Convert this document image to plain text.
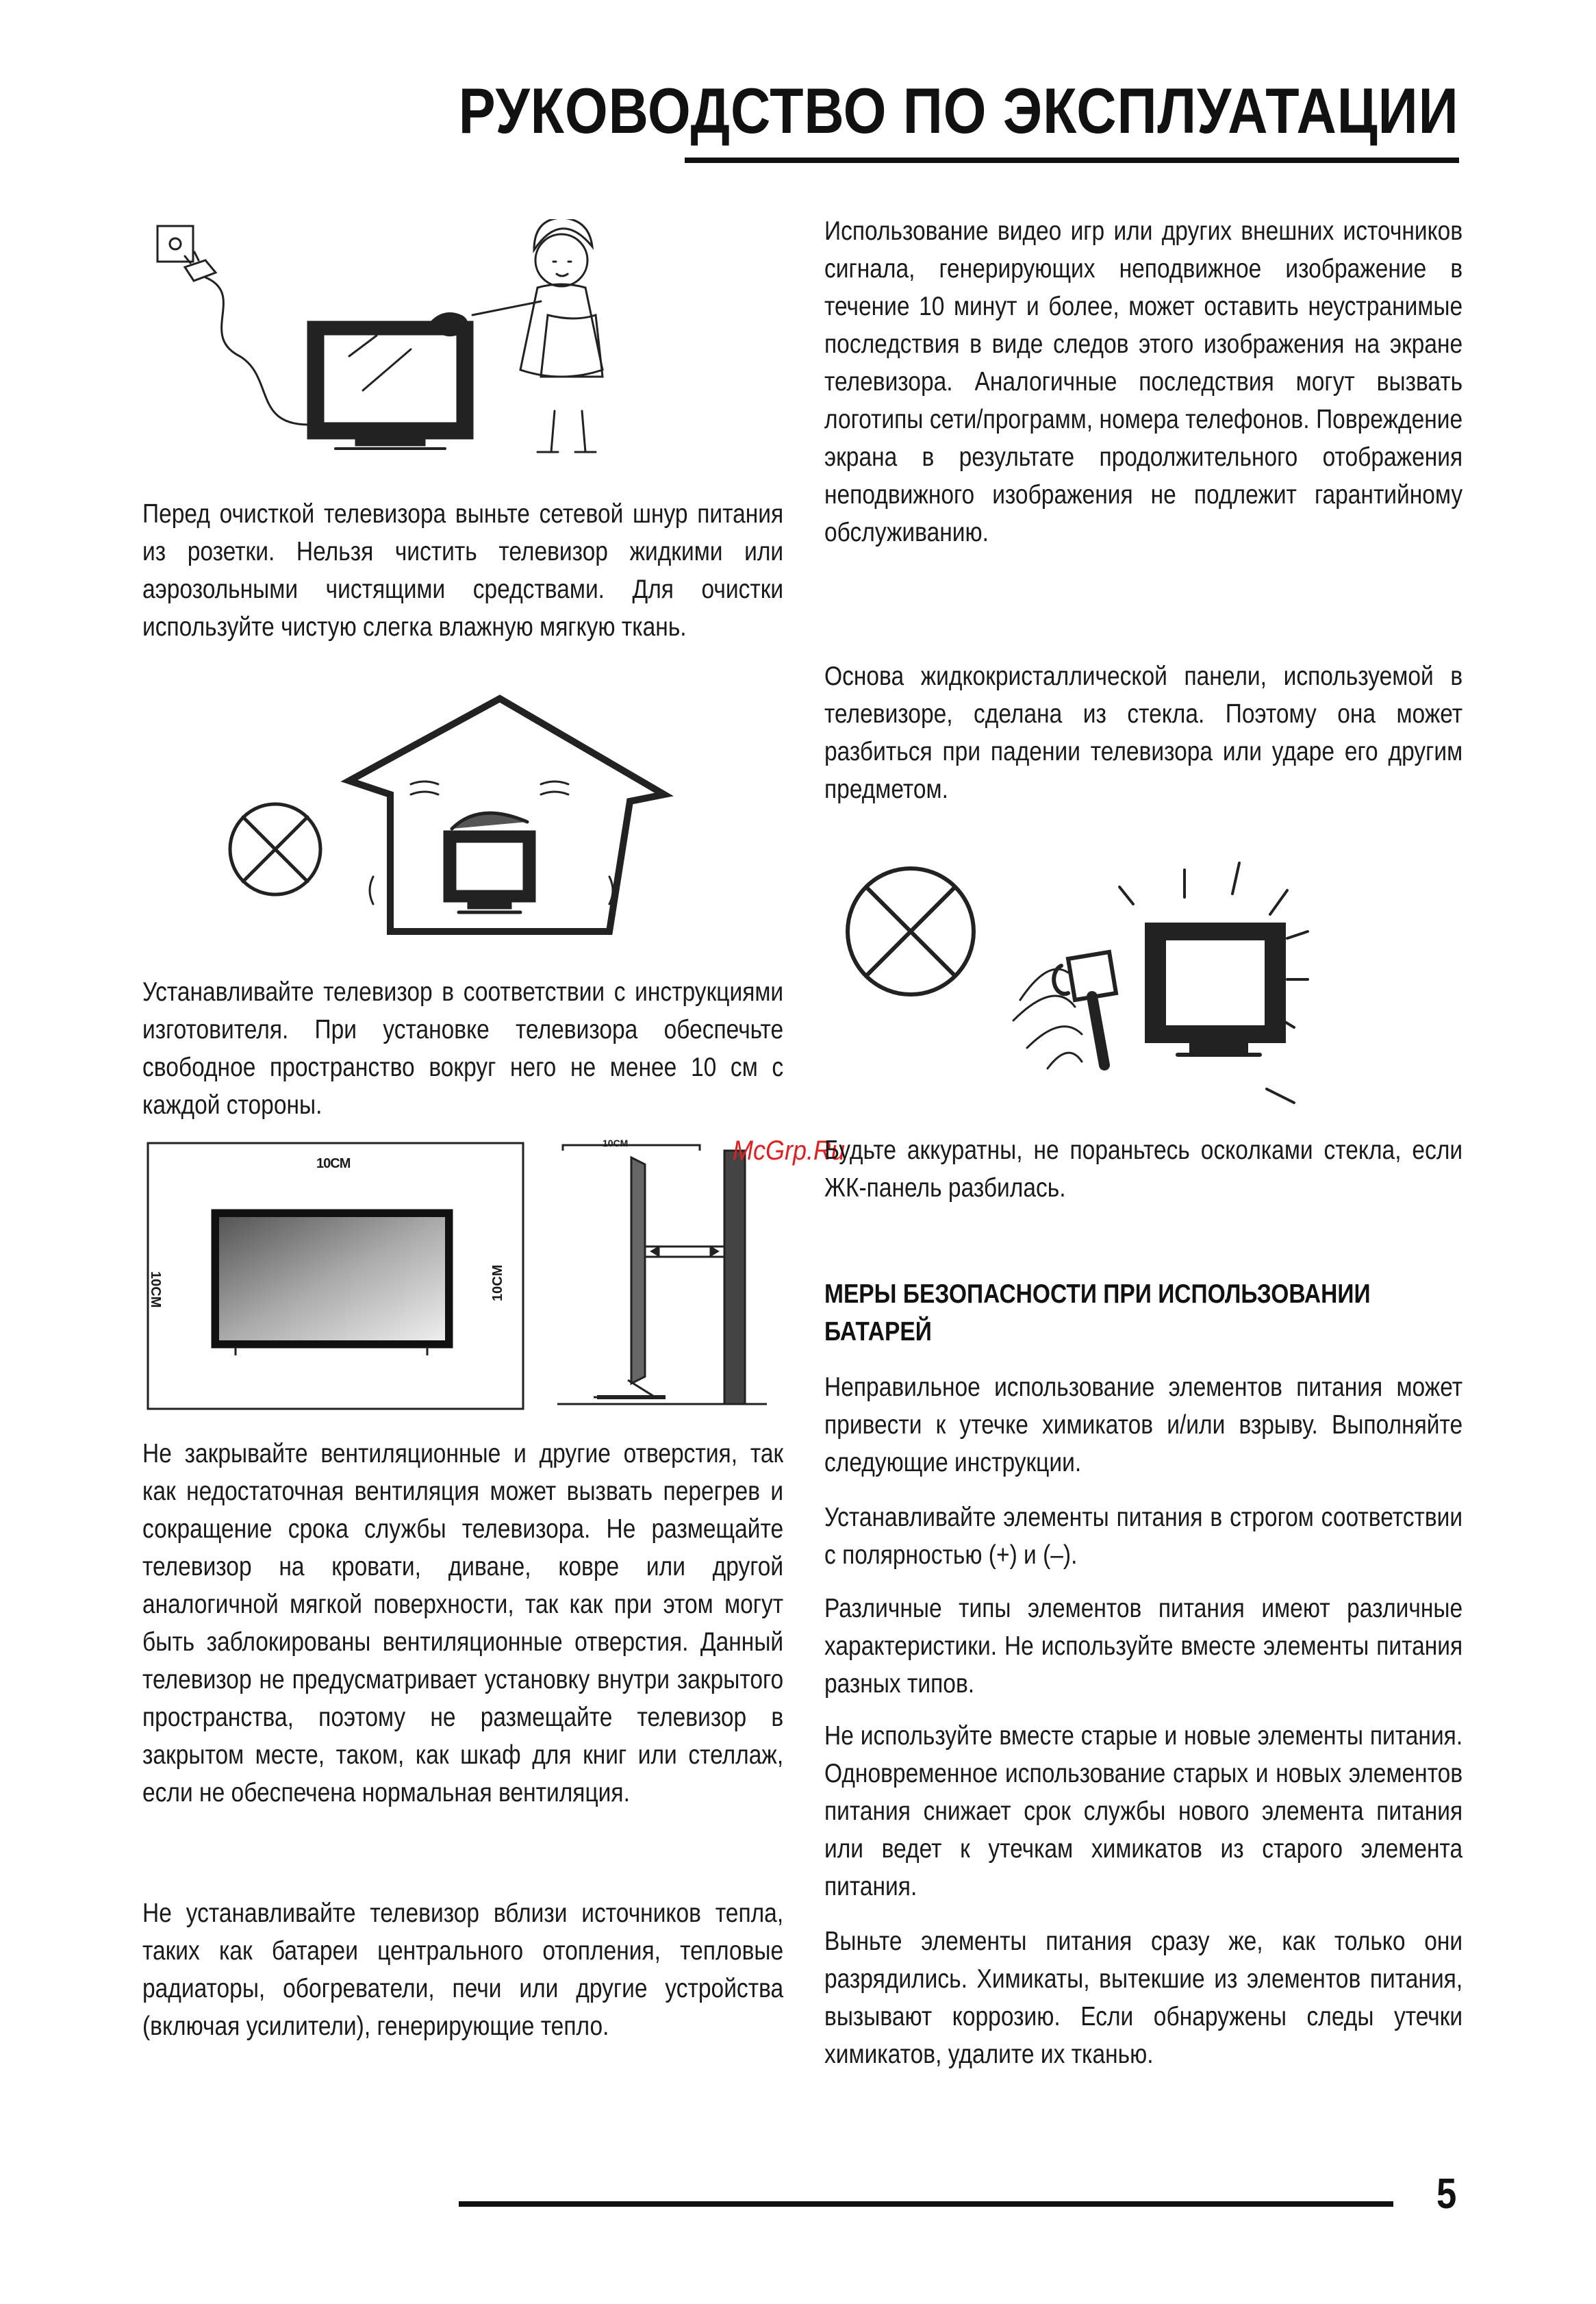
РУКОВОДСТВО ПО ЭКСПЛУАТАЦИИ

Перед очисткой телевизора выньте сетевой шнур питания из розетки. Нельзя чистить телевизор жидкими или аэрозольными чистящими средствами. Для очистки используйте чистую слегка влажную мягкую ткань.

Устанавливайте телевизор в соответствии с инструкциями изготовителя. При установке телевизора обеспечьте свободное пространство вокруг него не менее 10 см с каждой стороны.

10CM
10CM	10CM
10CM

Не закрывайте вентиляционные и другие отверстия, так как недостаточная вентиляция может вызвать перегрев и сокращение срока службы телевизора. Не размещайте телевизор на кровати, диване, ковре или другой аналогичной мягкой поверхности, так как при этом могут быть заблокированы вентиляционные отверстия. Данный телевизор не предусматривает установку внутри закрытого пространства, поэтому не размещайте телевизор в закрытом месте, таком, как шкаф для книг или стеллаж, если не обеспечена нормальная вентиляция.

Не устанавливайте телевизор вблизи источников тепла, таких как батареи центрального отопления, тепловые радиаторы, обогреватели, печи или другие устройства (включая усилители), генерирующие тепло.

Использование видео игр или других внешних источников сигнала, генерирующих неподвижное изображение в течение 10 минут и более, может оставить неустранимые последствия в виде следов этого изображения на экране телевизора. Аналогичные последствия могут вызвать логотипы сети/программ, номера телефонов. Повреждение экрана в результате продолжительного отображения неподвижного изображения не подлежит гарантийному обслуживанию.

Основа жидкокристаллической панели, используемой в телевизоре, сделана из стекла. Поэтому она может разбиться при падении телевизора или ударе его другим предметом.

McGrp.Ru

Будьте аккуратны, не пораньтесь осколками стекла, если ЖК-панель разбилась.

МЕРЫ БЕЗОПАСНОСТИ ПРИ ИСПОЛЬЗОВАНИИ БАТАРЕЙ

Неправильное использование элементов питания может привести к утечке химикатов и/или взрыву. Выполняйте следующие инструкции.

Устанавливайте элементы питания в строгом соответствии с полярностью (+) и (–).

Различные типы элементов питания имеют различные характеристики. Не используйте вместе элементы питания разных типов.

Не используйте вместе старые и новые элементы питания. Одновременное использование старых и новых элементов питания снижает срок службы нового элемента питания или ведет к утечкам химикатов из старого элемента питания.

Выньте элементы питания сразу же, как только они разрядились. Химикаты, вытекшие из элементов питания, вызывают коррозию. Если обнаружены следы утечки химикатов, удалите их тканью.

5
